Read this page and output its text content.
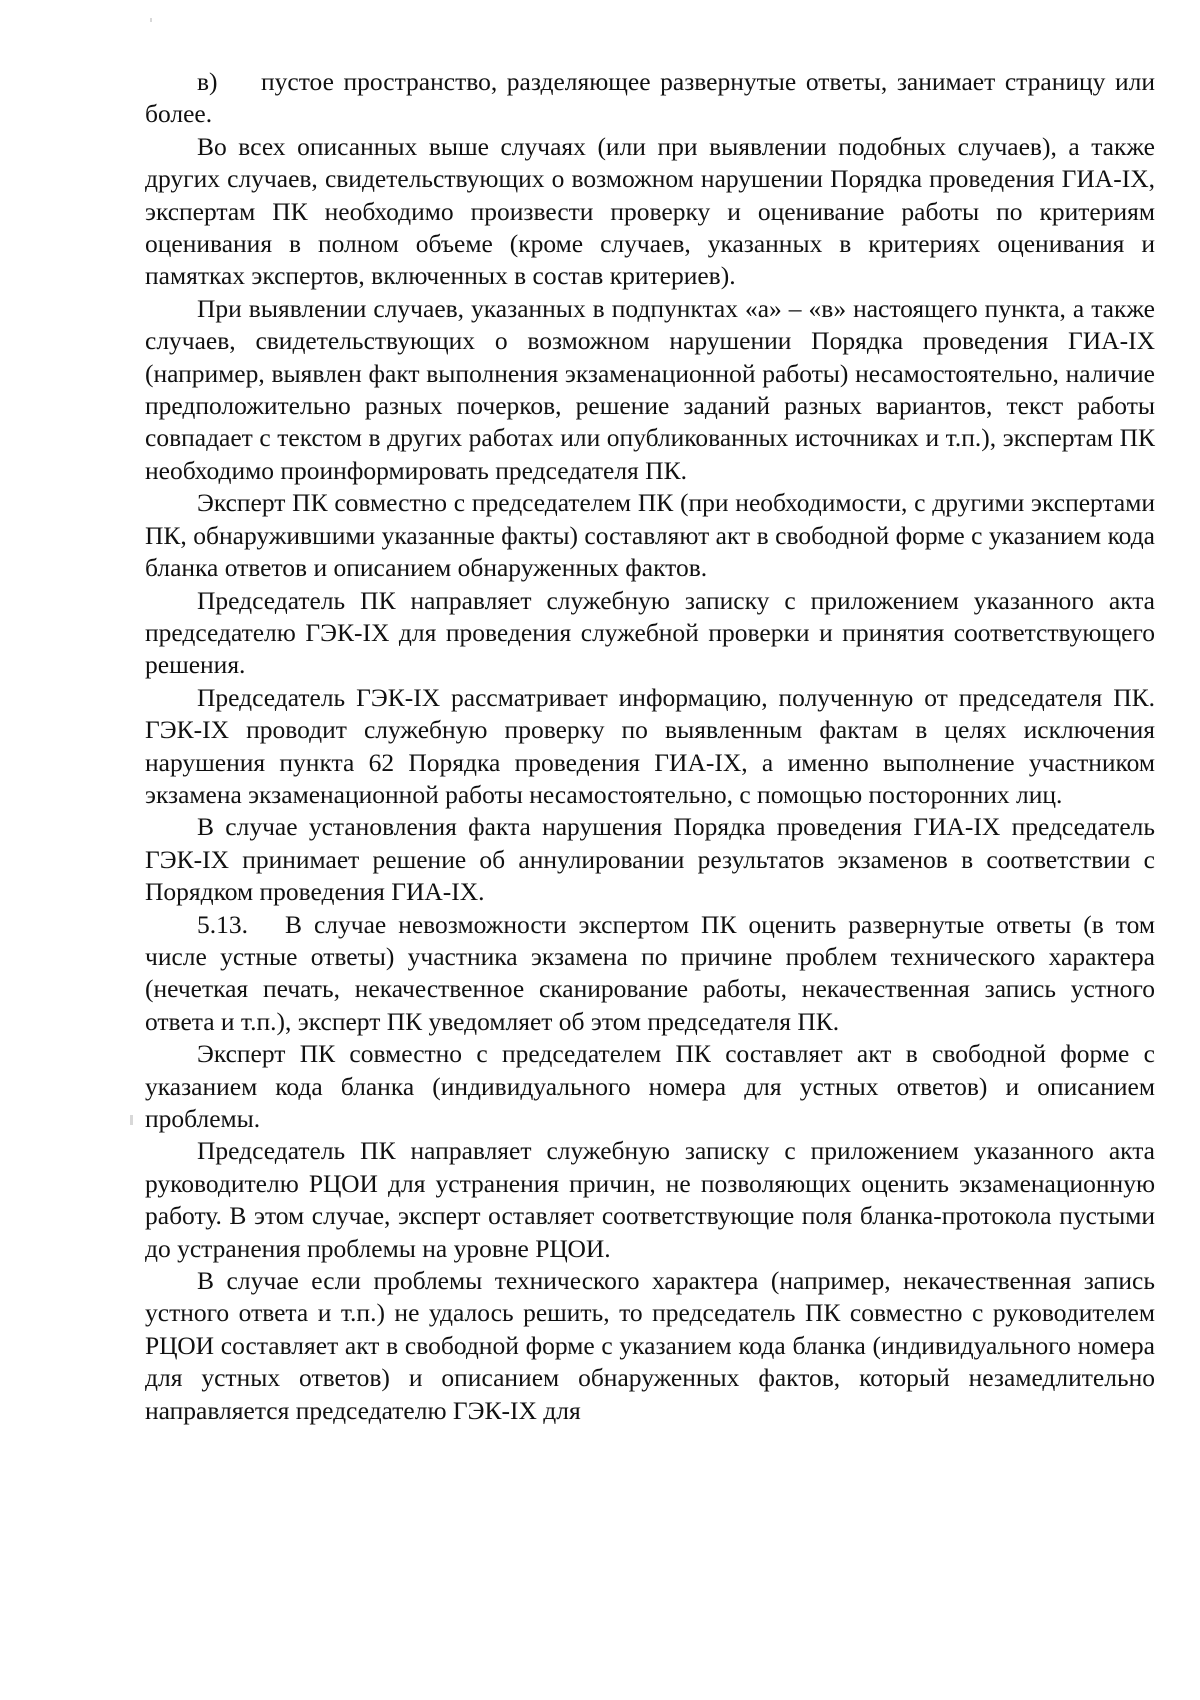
в) пустое пространство, разделяющее развернутые ответы, занимает страницу или более.

Во всех описанных выше случаях (или при выявлении подобных случаев), а также других случаев, свидетельствующих о возможном нарушении Порядка проведения ГИА-IX, экспертам ПК необходимо произвести проверку и оценивание работы по критериям оценивания в полном объеме (кроме случаев, указанных в критериях оценивания и памятках экспертов, включенных в состав критериев).

При выявлении случаев, указанных в подпунктах «а» – «в» настоящего пункта, а также случаев, свидетельствующих о возможном нарушении Порядка проведения ГИА-IX (например, выявлен факт выполнения экзаменационной работы) несамостоятельно, наличие предположительно разных почерков, решение заданий разных вариантов, текст работы совпадает с текстом в других работах или опубликованных источниках и т.п.), экспертам ПК необходимо проинформировать председателя ПК.

Эксперт ПК совместно с председателем ПК (при необходимости, с другими экспертами ПК, обнаружившими указанные факты) составляют акт в свободной форме с указанием кода бланка ответов и описанием обнаруженных фактов.

Председатель ПК направляет служебную записку с приложением указанного акта председателю ГЭК-IX для проведения служебной проверки и принятия соответствующего решения.

Председатель ГЭК-IX рассматривает информацию, полученную от председателя ПК. ГЭК-IX проводит служебную проверку по выявленным фактам в целях исключения нарушения пункта 62 Порядка проведения ГИА-IX, а именно выполнение участником экзамена экзаменационной работы несамостоятельно, с помощью посторонних лиц.

В случае установления факта нарушения Порядка проведения ГИА-IX председатель ГЭК-IX принимает решение об аннулировании результатов экзаменов в соответствии с Порядком проведения ГИА-IX.

5.13. В случае невозможности экспертом ПК оценить развернутые ответы (в том числе устные ответы) участника экзамена по причине проблем технического характера (нечеткая печать, некачественное сканирование работы, некачественная запись устного ответа и т.п.), эксперт ПК уведомляет об этом председателя ПК.

Эксперт ПК совместно с председателем ПК составляет акт в свободной форме с указанием кода бланка (индивидуального номера для устных ответов) и описанием проблемы.

Председатель ПК направляет служебную записку с приложением указанного акта руководителю РЦОИ для устранения причин, не позволяющих оценить экзаменационную работу. В этом случае, эксперт оставляет соответствующие поля бланка-протокола пустыми до устранения проблемы на уровне РЦОИ.

В случае если проблемы технического характера (например, некачественная запись устного ответа и т.п.) не удалось решить, то председатель ПК совместно с руководителем РЦОИ составляет акт в свободной форме с указанием кода бланка (индивидуального номера для устных ответов) и описанием обнаруженных фактов, который незамедлительно направляется председателю ГЭК-IX для
